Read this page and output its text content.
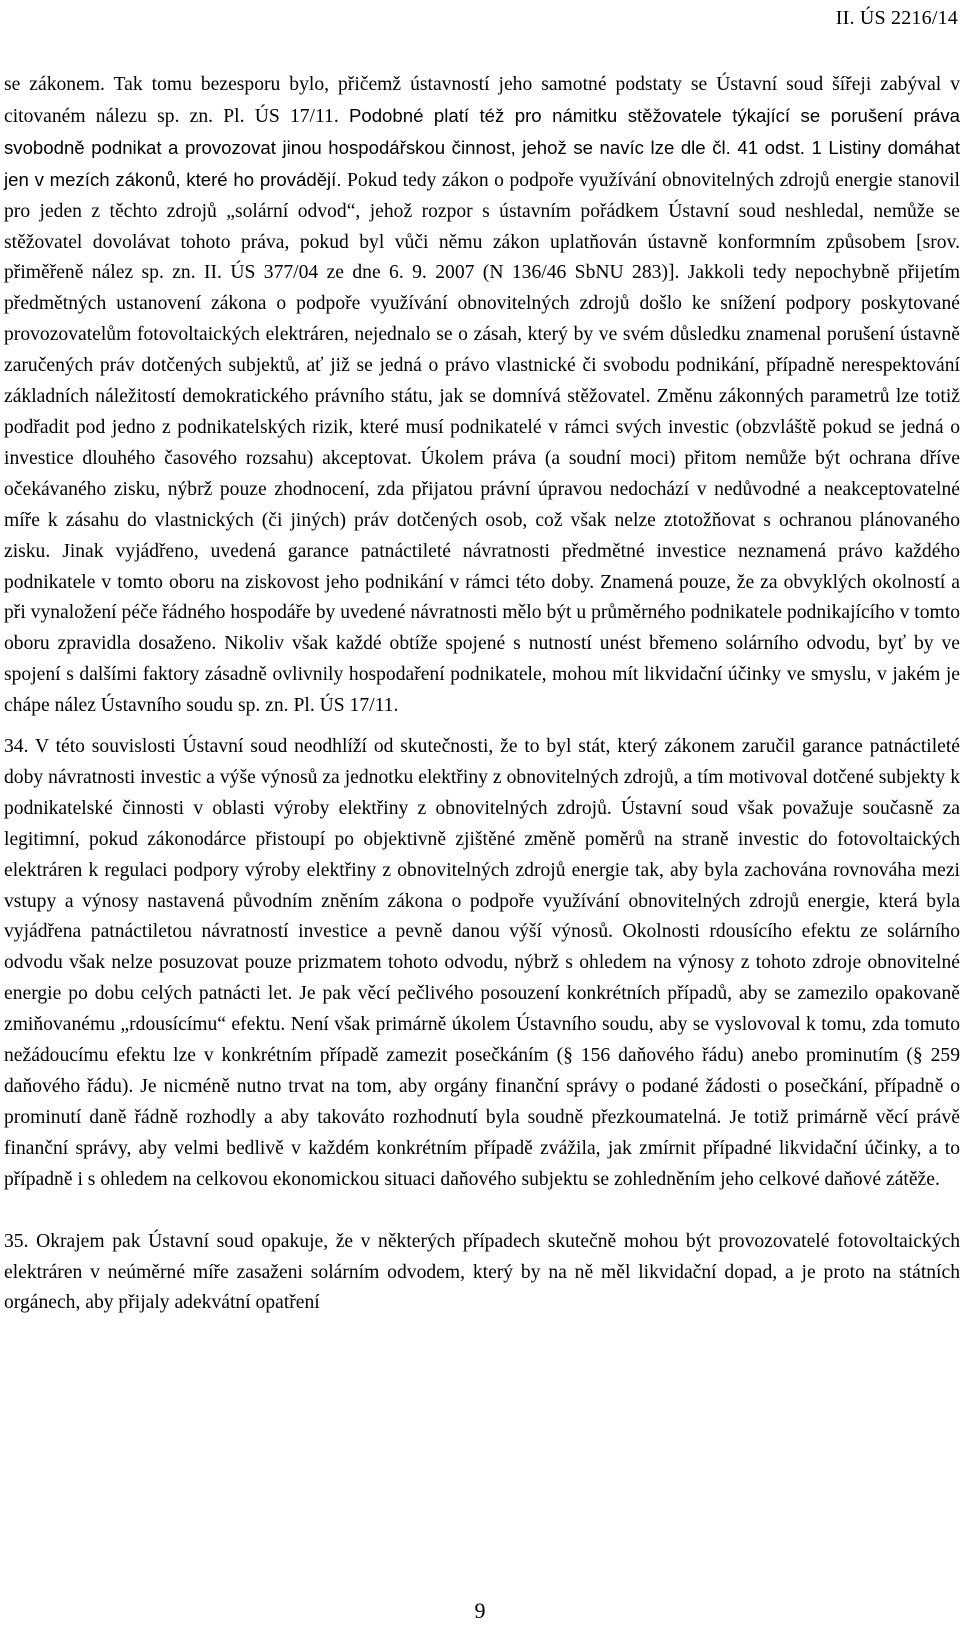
II. ÚS 2216/14

se zákonem. Tak tomu bezesporu bylo, přičemž ústavností jeho samotné podstaty se Ústavní soud šířeji zabýval v citovaném nálezu sp. zn. Pl. ÚS 17/11. Podobné platí též pro námitku stěžovatele týkající se porušení práva svobodně podnikat a provozovat jinou hospodářskou činnost, jehož se navíc lze dle čl. 41 odst. 1 Listiny domáhat jen v mezích zákonů, které ho provádějí. Pokud tedy zákon o podpoře využívání obnovitelných zdrojů energie stanovil pro jeden z těchto zdrojů „solární odvod“, jehož rozpor s ústavním pořádkem Ústavní soud neshledal, nemůže se stěžovatel dovolávat tohoto práva, pokud byl vůči němu zákon uplatňován ústavně konformním způsobem [srov. přiměřeně nález sp. zn. II. ÚS 377/04 ze dne 6. 9. 2007 (N 136/46 SbNU 283)]. Jakkoli tedy nepochybně přijetím předmětných ustanovení zákona o podpoře využívání obnovitelných zdrojů došlo ke snížení podpory poskytované provozovatelům fotovoltaických elektráren, nejednalo se o zásah, který by ve svém důsledku znamenal porušení ústavně zaručených práv dotčených subjektů, ať již se jedná o právo vlastnické či svobodu podnikání, případně nerespektování základních náležitostí demokratického právního státu, jak se domnívá stěžovatel. Změnu zákonných parametrů lze totiž podřadit pod jedno z podnikatelských rizik, které musí podnikatelé v rámci svých investic (obzvláště pokud se jedná o investice dlouhého časového rozsahu) akceptovat. Úkolem práva (a soudní moci) přitom nemůže být ochrana dříve očekávaného zisku, nýbrž pouze zhodnocení, zda přijatou právní úpravou nedochází v nedůvodné a neakceptovatelné míře k zásahu do vlastnických (či jiných) práv dotčených osob, což však nelze ztotožňovat s ochranou plánovaného zisku. Jinak vyjádřeno, uvedená garance patnáctileté návratnosti předmětné investice neznamená právo každého podnikatele v tomto oboru na ziskovost jeho podnikání v rámci této doby. Znamená pouze, že za obvyklých okolností a při vynaložení péče řádného hospodáře by uvedené návratnosti mělo být u průměrného podnikatele podnikajícího v tomto oboru zpravidla dosaženo. Nikoliv však každé obtíže spojené s nutností unést břemeno solárního odvodu, byť by ve spojení s dalšími faktory zásadně ovlivnily hospodaření podnikatele, mohou mít likvidační účinky ve smyslu, v jakém je chápe nález Ústavního soudu sp. zn. Pl. ÚS 17/11.

34. V této souvislosti Ústavní soud neodhlíží od skutečnosti, že to byl stát, který zákonem zaručil garance patnáctileté doby návratnosti investic a výše výnosů za jednotku elektřiny z obnovitelných zdrojů, a tím motivoval dotčené subjekty k podnikatelské činnosti v oblasti výroby elektřiny z obnovitelných zdrojů. Ústavní soud však považuje současně za legitimní, pokud zákonodárce přistoupí po objektivně zjištěné změně poměrů na straně investic do fotovoltaických elektráren k regulaci podpory výroby elektřiny z obnovitelných zdrojů energie tak, aby byla zachována rovnováha mezi vstupy a výnosy nastavená původním zněním zákona o podpoře využívání obnovitelných zdrojů energie, která byla vyjádřena patnáctiletou návratností investice a pevně danou výší výnosů. Okolnosti rdousícího efektu ze solárního odvodu však nelze posuzovat pouze prizmatem tohoto odvodu, nýbrž s ohledem na výnosy z tohoto zdroje obnovitelné energie po dobu celých patnácti let. Je pak věcí pečlivého posouzení konkrétních případů, aby se zamezilo opakovaně zmiňovanému „rdousícímu“ efektu. Není však primárně úkolem Ústavního soudu, aby se vyslovoval k tomu, zda tomuto nežádoucímu efektu lze v konkrétním případě zamezit posečkáním (§ 156 daňového řádu) anebo prominutím (§ 259 daňového řádu). Je nicméně nutno trvat na tom, aby orgány finanční správy o podané žádosti o posečkání, případně o prominutí daně řádně rozhodly a aby takováto rozhodnutí byla soudně přezkoumatelná. Je totiž primárně věcí právě finanční správy, aby velmi bedlivě v každém konkrétním případě zvážila, jak zmírnit případné likvidační účinky, a to případně i s ohledem na celkovou ekonomickou situaci daňového subjektu se zohledněním jeho celkové daňové zátěže.

35. Okrajem pak Ústavní soud opakuje, že v některých případech skutečně mohou být provozovatelé fotovoltaických elektráren v neúměrné míře zasaženi solárním odvodem, který by na ně měl likvidační dopad, a je proto na státních orgánech, aby přijaly adekvátní opatření

9
